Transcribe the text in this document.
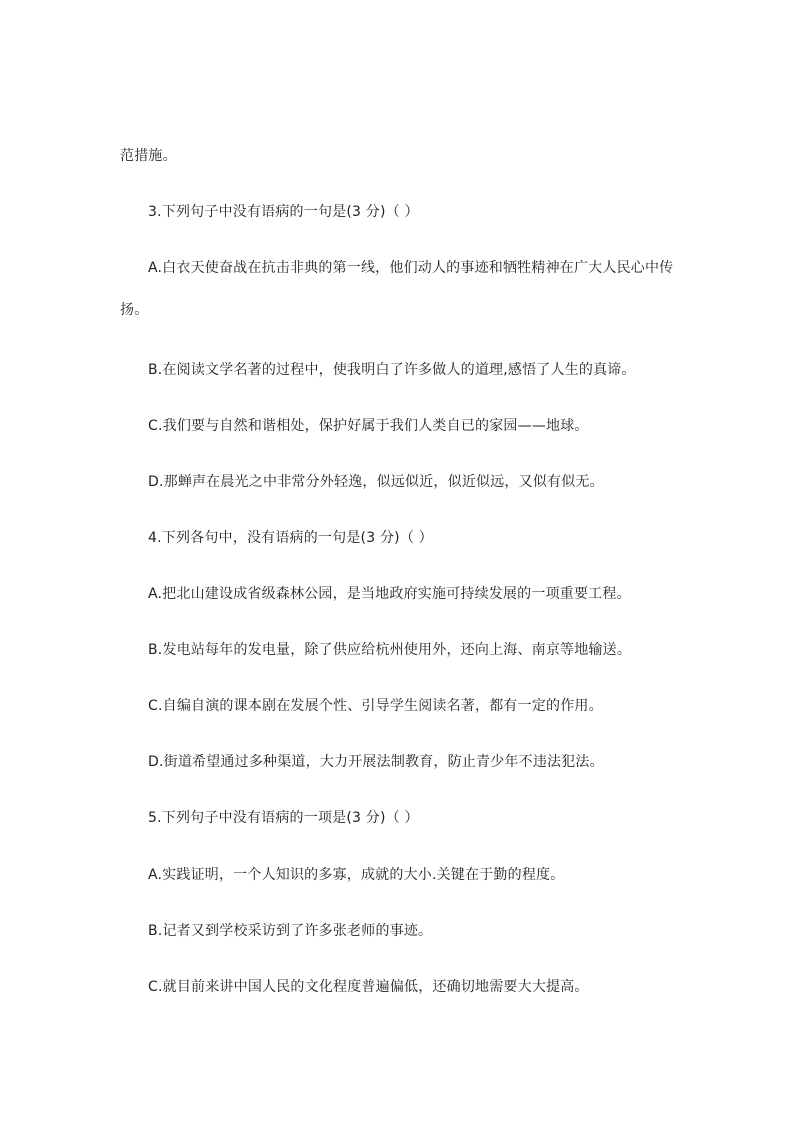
范措施。
3.下列句子中没有语病的一句是(3 分)（ ）
A.白衣天使奋战在抗击非典的第一线，他们动人的事迹和牺牲精神在广大人民心中传
扬。
B.在阅读文学名著的过程中，使我明白了许多做人的道理,感悟了人生的真谛。
C.我们要与自然和谐相处，保护好属于我们人类自已的家园——地球。
D.那蝉声在晨光之中非常分外轻逸，似远似近，似近似远，又似有似无。
4.下列各句中，没有语病的一句是(3 分)（ ）
A.把北山建设成省级森林公园，是当地政府实施可持续发展的一项重要工程。
B.发电站每年的发电量，除了供应给杭州使用外，还向上海、南京等地输送。
C.自编自演的课本剧在发展个性、引导学生阅读名著，都有一定的作用。
D.街道希望通过多种渠道，大力开展法制教育，防止青少年不违法犯法。
5.下列句子中没有语病的一项是(3 分)（ ）
A.实践证明，一个人知识的多寡，成就的大小.关键在于勤的程度。
B.记者又到学校采访到了许多张老师的事迹。
C.就目前来讲中国人民的文化程度普遍偏低，还确切地需要大大提高。
